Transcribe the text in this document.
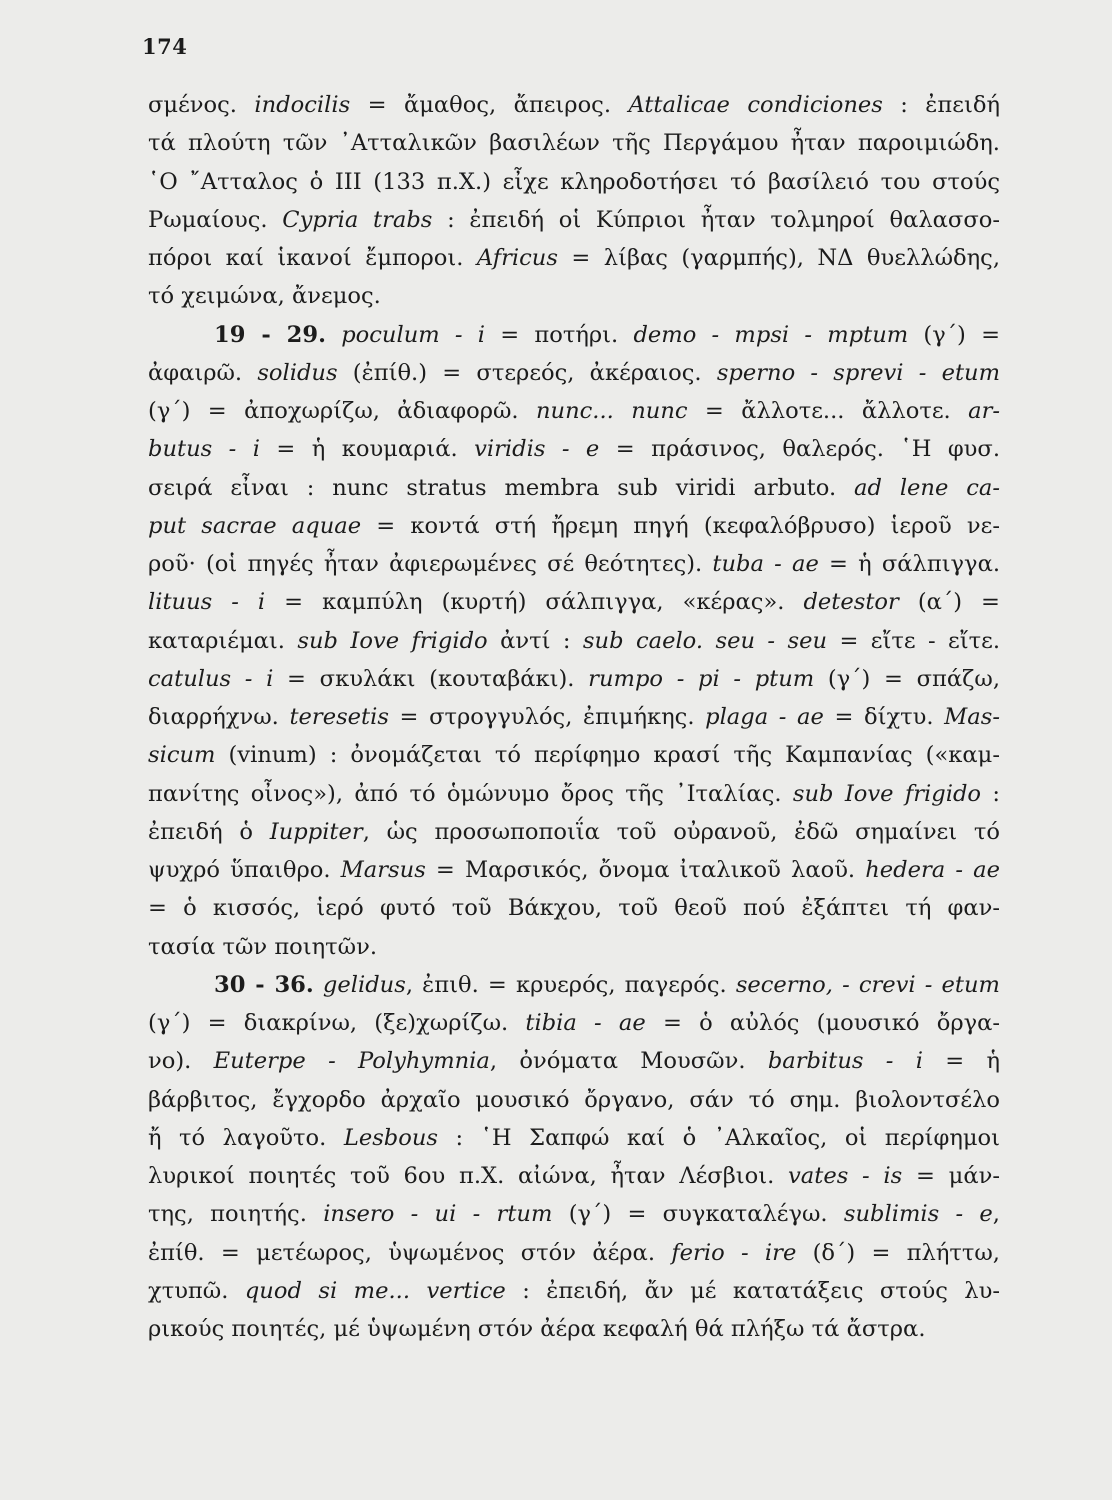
174
σμένος. indocilis = ἄμαθος, ἄπειρος. Attalicae condiciones : ἐπειδή
τά πλούτη τῶν ᾿Ατταλικῶν βασιλέων τῆς Περγάμου ἦταν παροιμιώδη.
῾Ο ῎Ατταλος ὁ ΙΙΙ (133 π.Χ.) εἶχε κληροδοτήσει τό βασίλειό του στούς
Ρωμαίους. Cypria trabs : ἐπειδή οἱ Κύπριοι ἦταν τολμηροί θαλασσο-
πόροι καί ἱκανοί ἔμποροι. Africus = λίβας (γαρμπής), ΝΔ θυελλώδης,
τό χειμώνα, ἄνεμος.
19 - 29. poculum - i = ποτήρι. demo - mpsi - mptum (γ΄) =
ἀφαιρῶ. solidus (ἐπίθ.) = στερεός, ἀκέραιος. sperno - sprevi - etum
(γ΄) = ἀποχωρίζω, ἀδιαφορῶ. nunc... nunc = ἄλλοτε... ἄλλοτε. ar-
butus - i = ἡ κουμαριά. viridis - e = πράσινος, θαλερός. ῾Η φυσ.
σειρά εἶναι : nunc stratus membra sub viridi arbuto. ad lene ca-
put sacrae aquae = κοντά στή ἤρεμη πηγή (κεφαλόβρυσο) ἱεροῦ νε-
ροῦ· (οἱ πηγές ἦταν ἀφιερωμένες σέ θεότητες). tuba - ae = ἡ σάλπιγγα.
lituus - i = καμπύλη (κυρτή) σάλπιγγα, «κέρας». detestor (α΄) =
καταριέμαι. sub Iove frigido ἀντί : sub caelo. seu - seu = εἴτε - εἴτε.
catulus - i = σκυλάκι (κουταβάκι). rumpo - pi - ptum (γ΄) = σπάζω,
διαρρήχνω. teresetis = στρογγυλός, ἐπιμήκης. plaga - ae = δίχτυ. Mas-
sicum (vinum) : ὀνομάζεται τό περίφημο κρασί τῆς Καμπανίας («καμ-
πανίτης οἶνος»), ἀπό τό ὁμώνυμο ὄρος τῆς ᾿Ιταλίας. sub Iove frigido :
ἐπειδή ὁ Iuppiter, ὡς προσωποποιΐα τοῦ οὐρανοῦ, ἐδῶ σημαίνει τό
ψυχρό ὕπαιθρο. Marsus = Μαρσικός, ὄνομα ἰταλικοῦ λαοῦ. hedera - ae
= ὁ κισσός, ἱερό φυτό τοῦ Βάκχου, τοῦ θεοῦ πού ἐξάπτει τή φαν-
τασία τῶν ποιητῶν.
30 - 36. gelidus, ἐπιθ. = κρυερός, παγερός. secerno, - crevi - etum
(γ΄) = διακρίνω, (ξε)χωρίζω. tibia - ae = ὁ αὐλός (μουσικό ὄργα-
νο). Euterpe - Polyhymnia, ὀνόματα Μουσῶν. barbitus - i = ἡ
βάρβιτος, ἔγχορδο ἀρχαῖο μουσικό ὄργανο, σάν τό σημ. βιολοντσέλο
ἤ τό λαγοῦτο. Lesbous : ῾Η Σαπφώ καί ὁ ᾿Αλκαῖος, οἱ περίφημοι
λυρικοί ποιητές τοῦ 6ου π.Χ. αἰώνα, ἦταν Λέσβιοι. vates - is = μάν-
της, ποιητής. insero - ui - rtum (γ΄) = συγκαταλέγω. sublimis - e,
ἐπίθ. = μετέωρος, ὑψωμένος στόν ἀέρα. ferio - ire (δ΄) = πλήττω,
χτυπῶ. quod si me... vertice : ἐπειδή, ἄν μέ κατατάξεις στούς λυ-
ρικούς ποιητές, μέ ὑψωμένη στόν ἀέρα κεφαλή θά πλήξω τά ἄστρα.
